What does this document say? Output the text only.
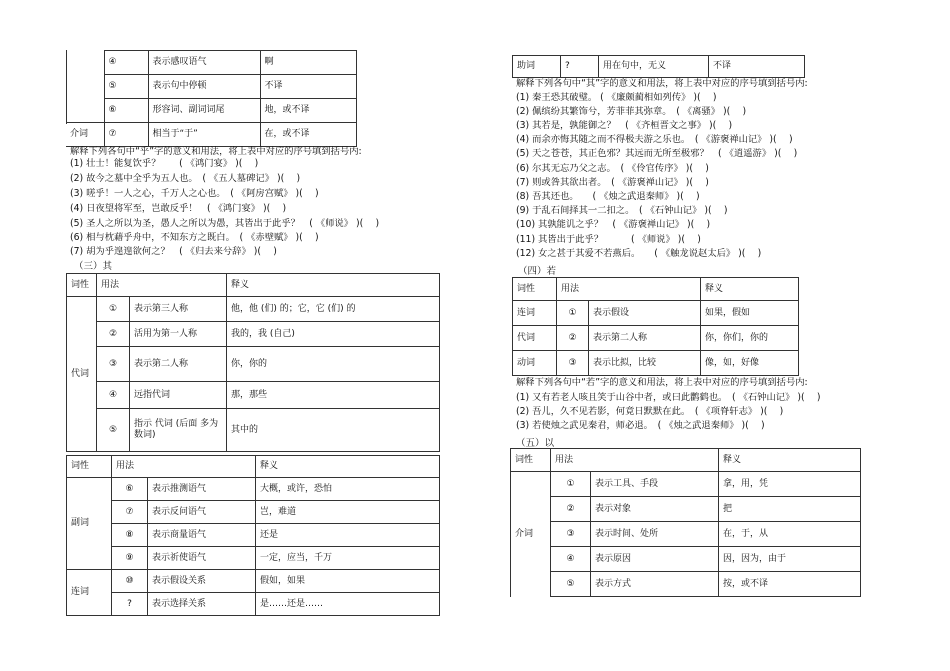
	④	表示感叹语气	啊
	⑤	表示句中停顿	不译
	⑥	形容词、副词词尾	地，或不译
介词	⑦	相当于“于”	在，或不译
解释下列各句中“乎”字的意义和用法，将上表中对应的序号填到括号内:
(1) 壮士！能复饮乎？　　( 《鸿门宴》 )(　 )
(2) 故今之墓中全乎为五人也。　( 《五人墓碑记》 )(　 )
(3) 嗟乎！一人之心，千万人之心也。　( 《阿房宫赋》 )(　 )
(4) 日夜望将军至，岂敢反乎！　( 《鸿门宴》 )(　 )
(5) 圣人之所以为圣，愚人之所以为愚，其皆出于此乎？　( 《师说》 )(　 )
(6) 相与枕藉乎舟中，不知东方之既白。　( 《赤壁赋》 )(　 )
(7) 胡为乎遑遑欲何之？　( 《归去来兮辞》 )(　 )
（三）其
词性	用法		释义
代词	①	表示第三人称	他，他 (们) 的；它，它 (们) 的
	②	活用为第一人称	我的，我 (自己)
	③	表示第二人称	你，你的
	④	远指代词	那，那些
	⑤	指示 代词 (后面 多为数词)	其中的
词性	用法		释义
副词	⑥	表示推测语气	大概，或许，恐怕
	⑦	表示反问语气	岂，难道
	⑧	表示商量语气	还是
	⑨	表示祈使语气	一定，应当，千万
连词	⑩	表示假设关系	假如，如果
	?	表示选择关系	是……还是……
助词	?	用在句中，无义	不译
解释下列各句中“其”字的意义和用法，将上表中对应的序号填到括号内:
(1) 秦王恐其破璧。 ( 《廉颇蔺相如列传》 )(　 )
(2) 佩缤纷其繁饰兮，芳菲菲其弥章。　( 《离骚》 )(　 )
(3) 其若是，孰能御之？　( 《齐桓晋文之事》 )(　 )
(4) 而余亦悔其随之而不得极夫游之乐也。　( 《游褒禅山记》 )(　 )
(5) 天之苍苍，其正色邪？其远而无所至极邪？　( 《逍遥游》 )(　 )
(6) 尔其无忘乃父之志。　( 《伶官传序》 )(　 )
(7) 则或咎其欲出者。　( 《游褒禅山记》 )(　 )
(8) 吾其还也。　　( 《烛之武退秦师》 )(　 )
(9) 于乱石间择其一二扣之。　( 《石钟山记》 )(　 )
(10) 其孰能讥之乎？　( 《游褒禅山记》 )(　 )
(11) 其皆出于此乎？　　　( 《师说》 )(　 )
(12) 女之甚于其爱不若燕后。　　( 《触龙说赵太后》 )(　 )
（四）若
词性	用法		释义
连词	①	表示假设	如果，假如
代词	②	表示第二人称	你，你们，你的
动词	③	表示比拟，比较	像，如，好像
解释下列各句中“若”字的意义和用法，将上表中对应的序号填到括号内:
(1) 又有若老人咳且笑于山谷中者，或曰此鹳鹤也。　( 《石钟山记》 )(　 )
(2) 吾儿，久不见若影，何竟日默默在此。　( 《项脊轩志》 )(　 )
(3) 若使烛之武见秦君，师必退。　( 《烛之武退秦师》 )(　 )
（五）以
词性	用法		释义
介词	①	表示工具、手段	拿，用，凭
	②	表示对象	把
	③	表示时间、处所	在，于，从
	④	表示原因	因，因为，由于
	⑤	表示方式	按，或不译
